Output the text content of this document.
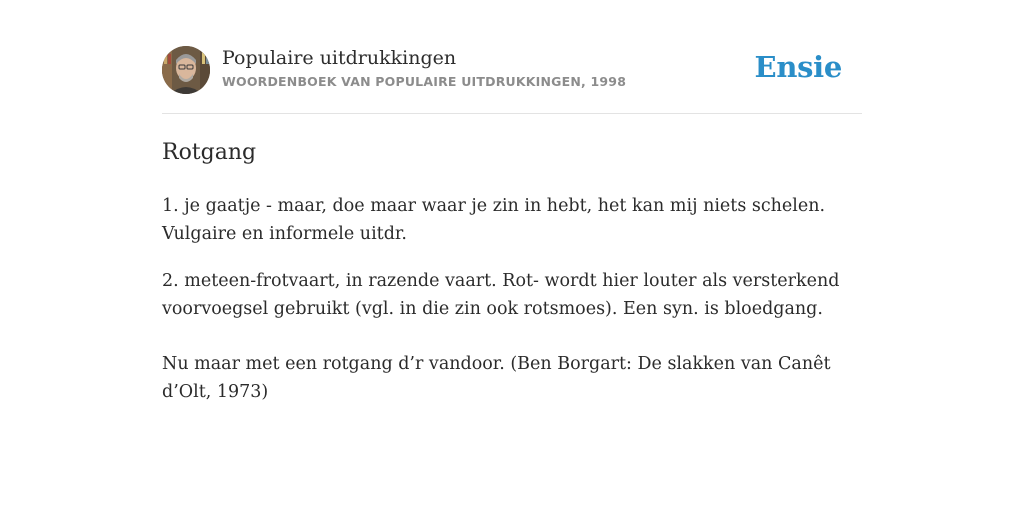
Populaire uitdrukkingen
WOORDENBOEK VAN POPULAIRE UITDRUKKINGEN, 1998	Ensie
Rotgang

1. je gaatje - maar, doe maar waar je zin in hebt, het kan mij niets schelen. Vulgaire en informele uitdr.

2. meteen-frotvaart, in razende vaart. Rot- wordt hier louter als versterkend voorvoegsel gebruikt (vgl. in die zin ook rotsmoes). Een syn. is bloedgang.

Nu maar met een rotgang d’r vandoor. (Ben Borgart: De slakken van Canêt d’Olt, 1973)
